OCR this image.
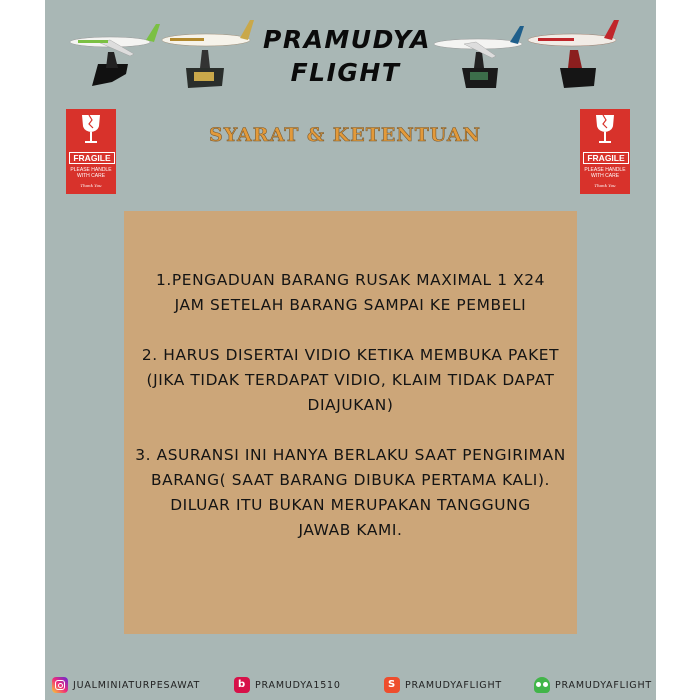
PRAMUDYA
FLIGHT
FRAGILE
PLEASE HANDLE
WITH CARE
Thank You
FRAGILE
PLEASE HANDLE
WITH CARE
Thank You
SYARAT & KETENTUAN

1.PENGADUAN BARANG RUSAK MAXIMAL 1 X24
JAM SETELAH BARANG SAMPAI KE PEMBELI

2. HARUS DISERTAI VIDIO KETIKA MEMBUKA PAKET
(JIKA TIDAK TERDAPAT VIDIO, KLAIM TIDAK DAPAT
DIAJUKAN)

3. ASURANSI INI HANYA BERLAKU SAAT PENGIRIMAN
BARANG( SAAT BARANG DIBUKA PERTAMA KALI).
DILUAR ITU BUKAN MERUPAKAN TANGGUNG
JAWAB KAMI.

JUALMINIATURPESAWAT	b PRAMUDYA1510	S PRAMUDYAFLIGHT	PRAMUDYAFLIGHT
